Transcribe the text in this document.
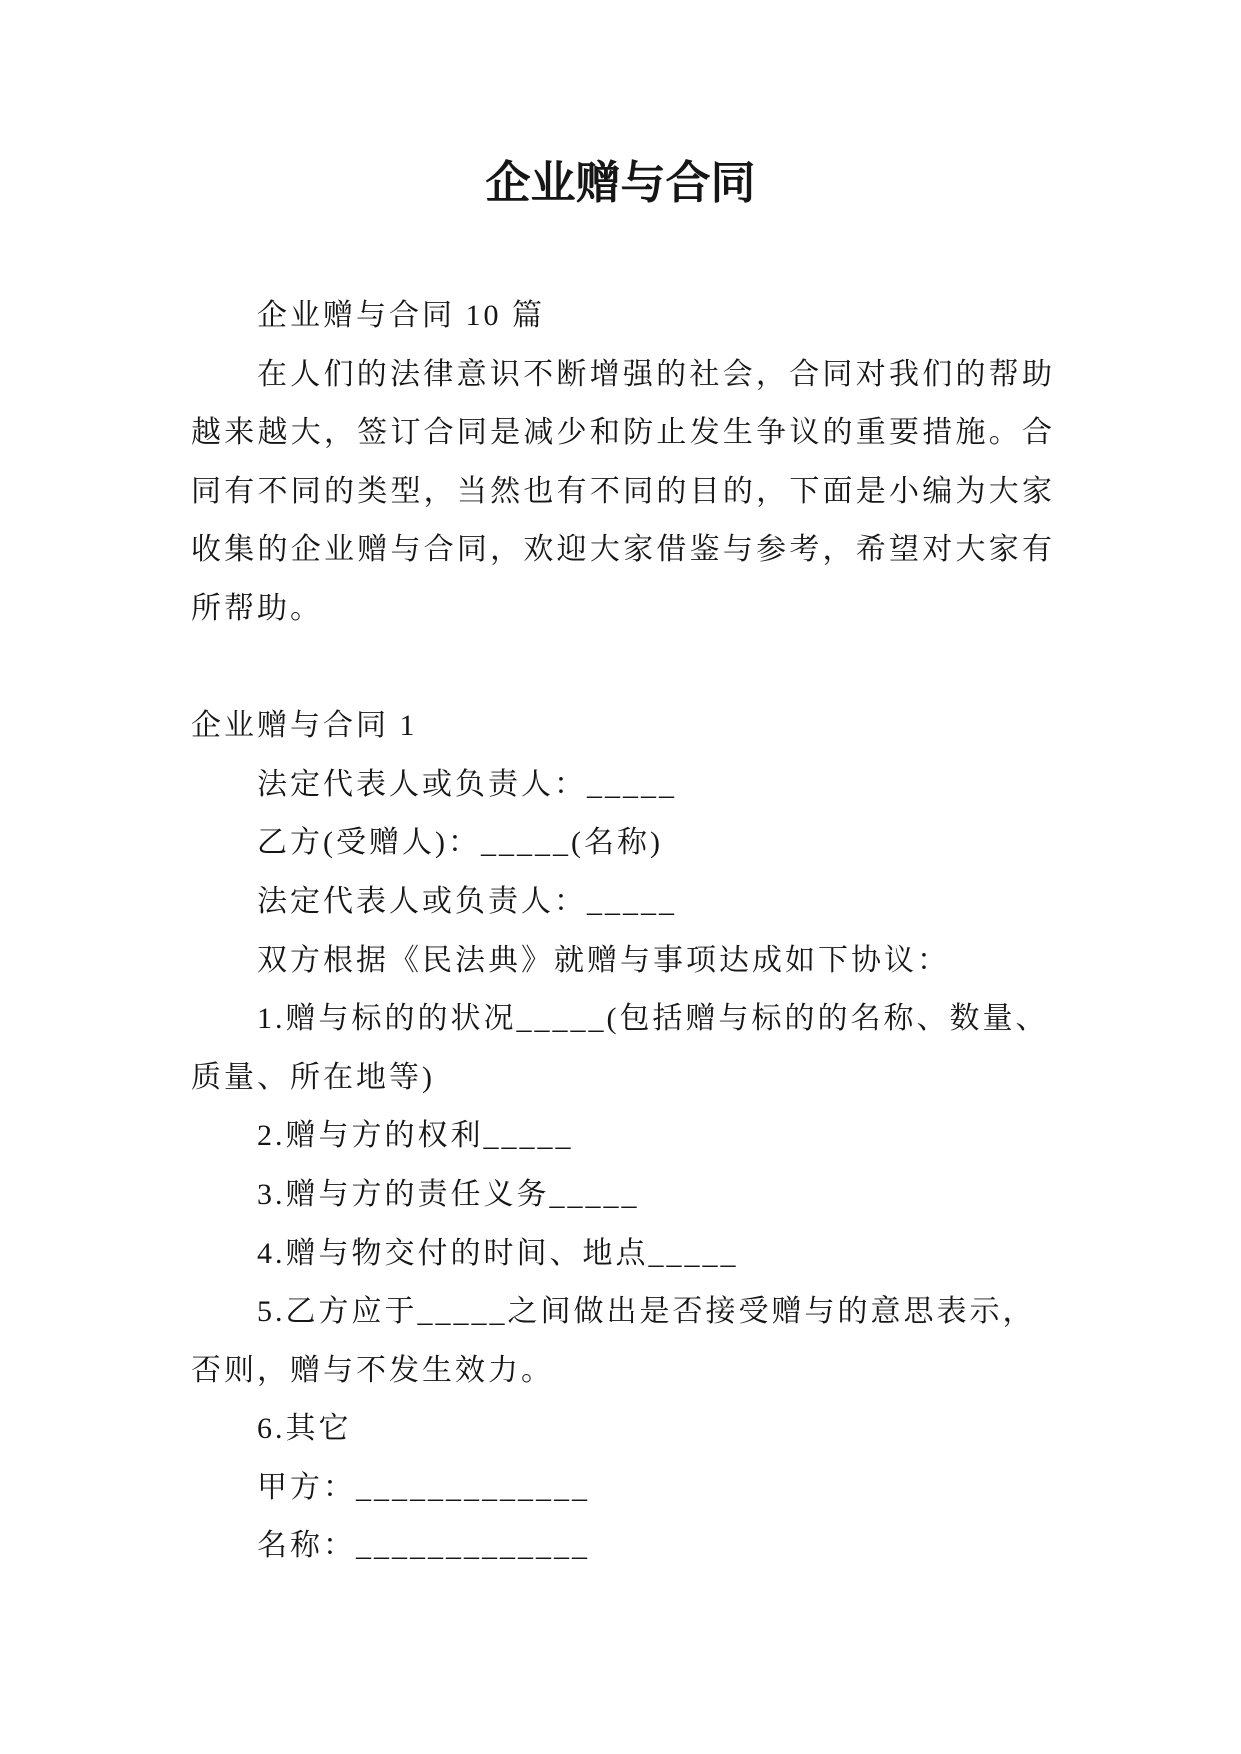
企业赠与合同
企业赠与合同 10 篇
在人们的法律意识不断增强的社会，合同对我们的帮助
越来越大，签订合同是减少和防止发生争议的重要措施。合
同有不同的类型，当然也有不同的目的，下面是小编为大家
收集的企业赠与合同，欢迎大家借鉴与参考，希望对大家有
所帮助。
企业赠与合同 1
法定代表人或负责人：_____
乙方(受赠人)：_____(名称)
法定代表人或负责人：_____
双方根据《民法典》就赠与事项达成如下协议：
1.赠与标的的状况_____(包括赠与标的的名称、数量、
质量、所在地等)
2.赠与方的权利_____
3.赠与方的责任义务_____
4.赠与物交付的时间、地点_____
5.乙方应于_____之间做出是否接受赠与的意思表示，
否则，赠与不发生效力。
6.其它
甲方：_____________
名称：_____________
